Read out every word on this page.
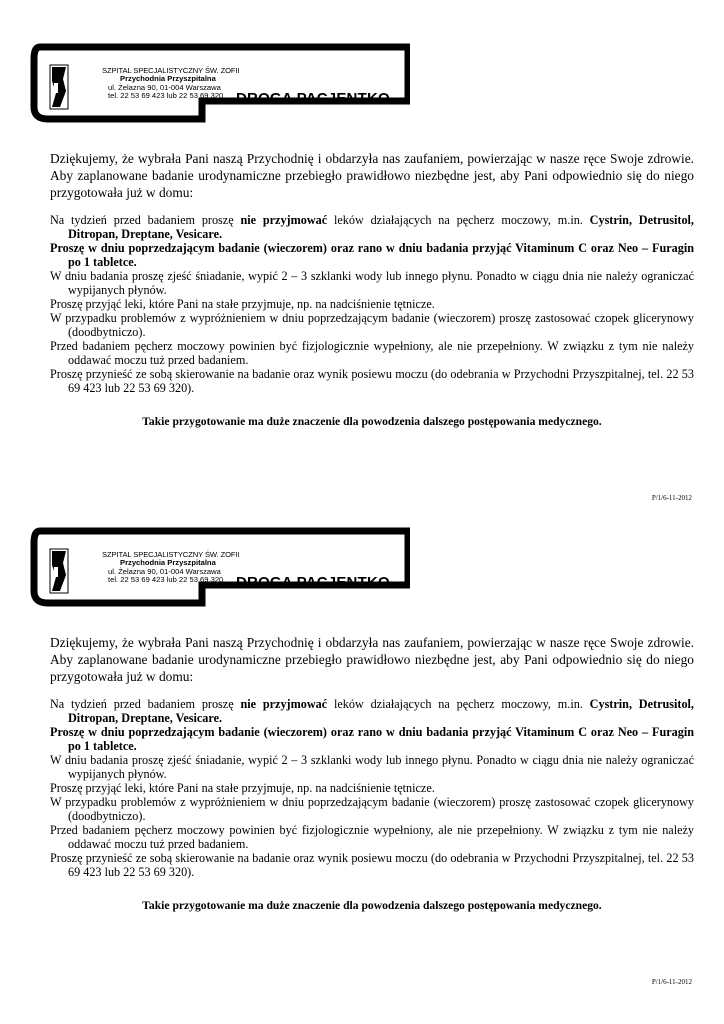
SZPITAL SPECJALISTYCZNY ŚW. ZOFII
Przychodnia Przyszpitalna
ul. Żelazna 90, 01-004 Warszawa
tel. 22 53 69 423 lub 22 53 69 320 DROGA PACJENTKO
Dziękujemy, że wybrała Pani naszą Przychodnię i obdarzyła nas zaufaniem, powierzając w nasze ręce Swoje zdrowie. Aby zaplanowane badanie urodynamiczne przebiegło prawidłowo niezbędne jest, aby Pani odpowiednio się do niego przygotowała już w domu:

Na tydzień przed badaniem proszę nie przyjmować leków działających na pęcherz moczowy, m.in. Cystrin, Detrusitol, Ditropan, Dreptane, Vesicare.

Proszę w dniu poprzedzającym badanie (wieczorem) oraz rano w dniu badania przyjąć Vitaminum C oraz Neo – Furagin po 1 tabletce.

W dniu badania proszę zjeść śniadanie, wypić 2 – 3 szklanki wody lub innego płynu. Ponadto w ciągu dnia nie należy ograniczać wypijanych płynów.

Proszę przyjąć leki, które Pani na stałe przyjmuje, np. na nadciśnienie tętnicze.

W przypadku problemów z wypróżnieniem w dniu poprzedzającym badanie (wieczorem) proszę zastosować czopek glicerynowy (doodbytniczo).

Przed badaniem pęcherz moczowy powinien być fizjologicznie wypełniony, ale nie przepełniony. W związku z tym nie należy oddawać moczu tuż przed badaniem.

Proszę przynieść ze sobą skierowanie na badanie oraz wynik posiewu moczu (do odebrania w Przychodni Przyszpitalnej, tel. 22 53 69 423 lub 22 53 69 320).

Takie przygotowanie ma duże znaczenie dla powodzenia dalszego postępowania medycznego.
P/1/6-11-2012
SZPITAL SPECJALISTYCZNY ŚW. ZOFII
Przychodnia Przyszpitalna
ul. Żelazna 90, 01-004 Warszawa
tel. 22 53 69 423 lub 22 53 69 320 DROGA PACJENTKO
Dziękujemy, że wybrała Pani naszą Przychodnię i obdarzyła nas zaufaniem, powierzając w nasze ręce Swoje zdrowie. Aby zaplanowane badanie urodynamiczne przebiegło prawidłowo niezbędne jest, aby Pani odpowiednio się do niego przygotowała już w domu:

Na tydzień przed badaniem proszę nie przyjmować leków działających na pęcherz moczowy, m.in. Cystrin, Detrusitol, Ditropan, Dreptane, Vesicare.

Proszę w dniu poprzedzającym badanie (wieczorem) oraz rano w dniu badania przyjąć Vitaminum C oraz Neo – Furagin po 1 tabletce.

W dniu badania proszę zjeść śniadanie, wypić 2 – 3 szklanki wody lub innego płynu. Ponadto w ciągu dnia nie należy ograniczać wypijanych płynów.

Proszę przyjąć leki, które Pani na stałe przyjmuje, np. na nadciśnienie tętnicze.

W przypadku problemów z wypróżnieniem w dniu poprzedzającym badanie (wieczorem) proszę zastosować czopek glicerynowy (doodbytniczo).

Przed badaniem pęcherz moczowy powinien być fizjologicznie wypełniony, ale nie przepełniony. W związku z tym nie należy oddawać moczu tuż przed badaniem.

Proszę przynieść ze sobą skierowanie na badanie oraz wynik posiewu moczu (do odebrania w Przychodni Przyszpitalnej, tel. 22 53 69 423 lub 22 53 69 320).

Takie przygotowanie ma duże znaczenie dla powodzenia dalszego postępowania medycznego.
P/1/6-11-2012
